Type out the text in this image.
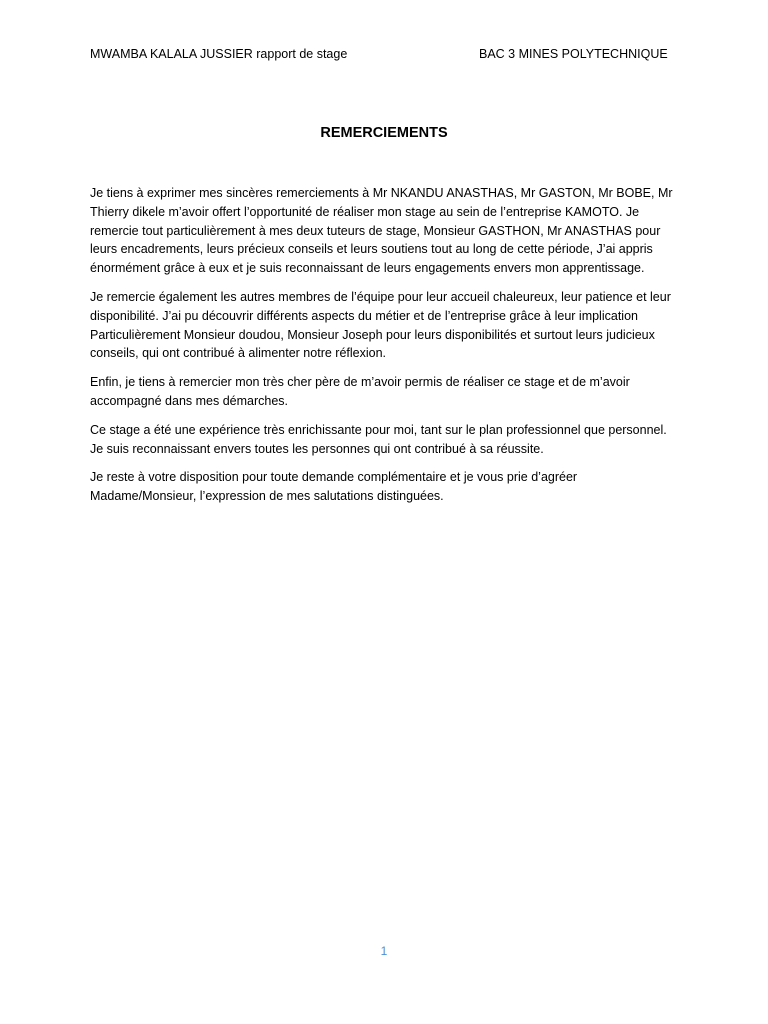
MWAMBA KALALA JUSSIER rapport de stage	BAC 3 MINES POLYTECHNIQUE
REMERCIEMENTS

Je tiens à exprimer mes sincères remerciements à Mr NKANDU ANASTHAS, Mr GASTON, Mr BOBE, Mr Thierry dikele m’avoir offert l’opportunité de réaliser mon stage au sein de l’entreprise KAMOTO. Je remercie tout particulièrement à mes deux tuteurs de stage, Monsieur GASTHON, Mr ANASTHAS pour leurs encadrements, leurs précieux conseils et leurs soutiens tout au long de cette période, J’ai appris énormément grâce à eux et je suis reconnaissant de leurs engagements envers mon apprentissage.

Je remercie également les autres membres de l’équipe pour leur accueil chaleureux, leur patience et leur disponibilité. J’ai pu découvrir différents aspects du métier et de l’entreprise grâce à leur implication Particulièrement Monsieur doudou, Monsieur Joseph pour leurs disponibilités et surtout leurs judicieux conseils, qui ont contribué à alimenter notre réflexion.

Enfin, je tiens à remercier mon très cher père de m’avoir permis de réaliser ce stage et de m’avoir accompagné dans mes démarches.

Ce stage a été une expérience très enrichissante pour moi, tant sur le plan professionnel que personnel. Je suis reconnaissant envers toutes les personnes qui ont contribué à sa réussite.

Je reste à votre disposition pour toute demande complémentaire et je vous prie d’agréer Madame/Monsieur, l’expression de mes salutations distinguées.

1
